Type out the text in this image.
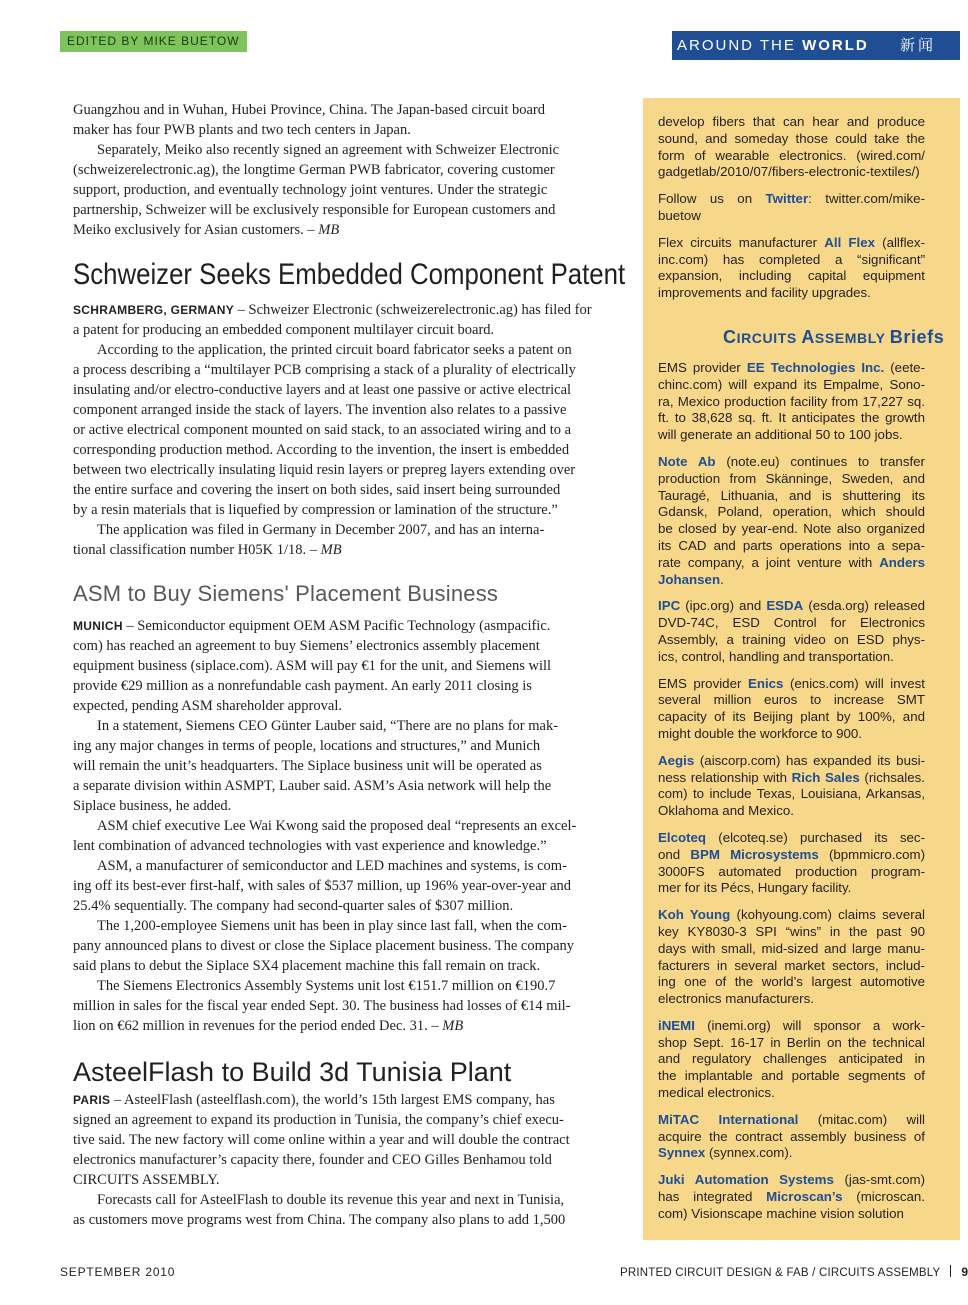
EDITED BY MIKE BUETOW	AROUND THE WORLD 新闻
Guangzhou and in Wuhan, Hubei Province, China. The Japan-based circuit board
maker has four PWB plants and two tech centers in Japan.
Separately, Meiko also recently signed an agreement with Schweizer Electronic
(schweizerelectronic.ag), the longtime German PWB fabricator, covering customer
support, production, and eventually technology joint ventures. Under the strategic
partnership, Schweizer will be exclusively responsible for European customers and
Meiko exclusively for Asian customers. – MB
Schweizer Seeks Embedded Component Patent
SCHRAMBERG, GERMANY – Schweizer Electronic (schweizerelectronic.ag) has filed for
a patent for producing an embedded component multilayer circuit board.
According to the application, the printed circuit board fabricator seeks a patent on
a process describing a “multilayer PCB comprising a stack of a plurality of electrically
insulating and/or electro-conductive layers and at least one passive or active electrical
component arranged inside the stack of layers. The invention also relates to a passive
or active electrical component mounted on said stack, to an associated wiring and to a
corresponding production method. According to the invention, the insert is embedded
between two electrically insulating liquid resin layers or prepreg layers extending over
the entire surface and covering the insert on both sides, said insert being surrounded
by a resin materials that is liquefied by compression or lamination of the structure.”
The application was filed in Germany in December 2007, and has an interna-
tional classification number H05K 1/18. – MB
ASM to Buy Siemens' Placement Business
MUNICH – Semiconductor equipment OEM ASM Pacific Technology (asmpacific.
com) has reached an agreement to buy Siemens’ electronics assembly placement
equipment business (siplace.com). ASM will pay €1 for the unit, and Siemens will
provide €29 million as a nonrefundable cash payment. An early 2011 closing is
expected, pending ASM shareholder approval.
In a statement, Siemens CEO Günter Lauber said, “There are no plans for mak-
ing any major changes in terms of people, locations and structures,” and Munich
will remain the unit’s headquarters. The Siplace business unit will be operated as
a separate division within ASMPT, Lauber said. ASM’s Asia network will help the
Siplace business, he added.
ASM chief executive Lee Wai Kwong said the proposed deal “represents an excel-
lent combination of advanced technologies with vast experience and knowledge.”
ASM, a manufacturer of semiconductor and LED machines and systems, is com-
ing off its best-ever first-half, with sales of $537 million, up 196% year-over-year and
25.4% sequentially. The company had second-quarter sales of $307 million.
The 1,200-employee Siemens unit has been in play since last fall, when the com-
pany announced plans to divest or close the Siplace placement business. The company
said plans to debut the Siplace SX4 placement machine this fall remain on track.
The Siemens Electronics Assembly Systems unit lost €151.7 million on €190.7
million in sales for the fiscal year ended Sept. 30. The business had losses of €14 mil-
lion on €62 million in revenues for the period ended Dec. 31. – MB
AsteelFlash to Build 3d Tunisia Plant
PARIS – AsteelFlash (asteelflash.com), the world’s 15th largest EMS company, has
signed an agreement to expand its production in Tunisia, the company’s chief execu-
tive said. The new factory will come online within a year and will double the contract
electronics manufacturer’s capacity there, founder and CEO Gilles Benhamou told
CIRCUITS ASSEMBLY.
Forecasts call for AsteelFlash to double its revenue this year and next in Tunisia,
as customers move programs west from China. The company also plans to add 1,500
develop fibers that can hear and produce
sound, and someday those could take the
form of wearable electronics. (wired.com/
gadgetlab/2010/07/fibers-electronic-textiles/)
Follow us on Twitter: twitter.com/mike-
buetow
Flex circuits manufacturer All Flex (allflex-
inc.com) has completed a “significant”
expansion, including capital equipment
improvements and facility upgrades.
CIRCUITS ASSEMBLY Briefs
EMS provider EE Technologies Inc. (eete-
chinc.com) will expand its Empalme, Sono-
ra, Mexico production facility from 17,227 sq.
ft. to 38,628 sq. ft. It anticipates the growth
will generate an additional 50 to 100 jobs.
Note Ab (note.eu) continues to transfer
production from Skänninge, Sweden, and
Tauragé, Lithuania, and is shuttering its
Gdansk, Poland, operation, which should
be closed by year-end. Note also organized
its CAD and parts operations into a sepa-
rate company, a joint venture with Anders
Johansen.
IPC (ipc.org) and ESDA (esda.org) released
DVD-74C, ESD Control for Electronics
Assembly, a training video on ESD phys-
ics, control, handling and transportation.
EMS provider Enics (enics.com) will invest
several million euros to increase SMT
capacity of its Beijing plant by 100%, and
might double the workforce to 900.
Aegis (aiscorp.com) has expanded its busi-
ness relationship with Rich Sales (richsales.
com) to include Texas, Louisiana, Arkansas,
Oklahoma and Mexico.
Elcoteq (elcoteq.se) purchased its sec-
ond BPM Microsystems (bpmmicro.com)
3000FS automated production program-
mer for its Pécs, Hungary facility.
Koh Young (kohyoung.com) claims several
key KY8030-3 SPI “wins” in the past 90
days with small, mid-sized and large manu-
facturers in several market sectors, includ-
ing one of the world’s largest automotive
electronics manufacturers.
iNEMI (inemi.org) will sponsor a work-
shop Sept. 16-17 in Berlin on the technical
and regulatory challenges anticipated in
the implantable and portable segments of
medical electronics.
MiTAC International (mitac.com) will
acquire the contract assembly business of
Synnex (synnex.com).
Juki Automation Systems (jas-smt.com)
has integrated Microscan’s (microscan.
com) Visionscape machine vision solution
SEPTEMBER 2010	PRINTED CIRCUIT DESIGN & FAB / CIRCUITS ASSEMBLY 9
